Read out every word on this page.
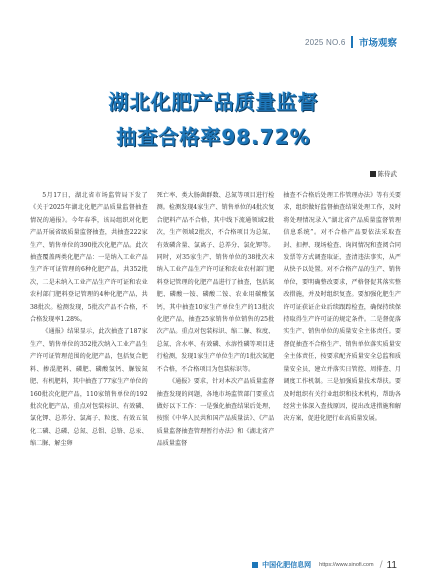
2025 NO.6 市场观察
湖北化肥产品质量监督
抽查合格率98.72%
陈侍武

5月17日，湖北省市场监管局下发了《关于2025年湖北化肥产品质量监督抽查情况的通报》。今年春季，该局组织对化肥产品开展省级质量监督抽查，共抽查222家生产、销售单位的390批次化肥产品。此次抽查覆盖两类化肥产品：一是纳入工业产品生产许可证管理的6种化肥产品，共352批次，二是未纳入工业产品生产许可证和农业农村部门肥料登记管理的4种化肥产品，共38批次。检测发现，5批次产品不合格，不合格发现率1.28%。

《通报》结果显示，此次抽查了187家生产、销售单位的352批次纳入工业产品生产许可证管理范围的化肥产品，包括复合肥料、掺混肥料、磷肥、磷酸氢钙、脲铵氮肥、有机肥料，其中抽查了77家生产单位的160批次化肥产品，110家销售单位的192批次化肥产品，重点对包装标识、有效磷、氯化钾、总养分、氯离子、粒度、有效五氧化二磷、总磷、总氮、总钼、总铬、总汞、缩二脲、解尘卵

死亡率、类大肠菌群数、总氮等项目进行检测。检测发现4家生产、销售单位的4批次复合肥料产品不合格，其中线下流通领域2批次，生产领域2批次，不合格项目为总氮、有效磷含量、氯离子、总养分、氯化钾等。同时，对35家生产、销售单位的38批次未纳入工业产品生产许可证和农业农村部门肥料登记管理的化肥产品进行了抽查，包括氮肥、磷酸一铵、磷酸二铵、农业用碳酸氢钙，其中抽查10家生产单位生产的13批次化肥产品，抽查25家销售单位销售的25批次产品。重点对包装标识、缩二脲、粒度、总氮、含水率、有效磷、水溶性磷等项目进行检测，发现1家生产单位生产的1批次氮肥不合格，不合格项目为包装标识等。

《通报》要求，针对本次产品质量监督抽查发现的问题，各地市场监管部门要重点做好以下工作：一是强化抽查结果后处理，按照《中华人民共和国产品质量法》、《产品质量监督抽查管理暂行办法》和《湖北省产品质量监督

抽查不合格后处理工作管理办法》等有关要求，组织做好监督抽查结果处理工作，及时将处理情况录入“湖北省产品质量监督管理信息系统”。对不合格产品要依法采取查封、扣押、现场检查、询问情况和查阅合同发票等方式调查取证，查清违法事实，从严从快予以处置。对不合格产品的生产、销售单位，要明确整改要求，严格督促其落实整改措施，并及时组织复查。要加强化肥生产许可证获证企业后续跟踪检查，确保持续保持取得生产许可证的规定条件。二是督促落实生产、销售单位的质量安全主体责任。要督促抽查不合格生产、销售单位落实质量安全主体责任，按要求配齐质量安全总监和质量安全员，建立并落实日管控、周排查、月调度工作机制。三是加强质量技术帮扶。要及时组织有关行业组织和技术机构，帮助各经营主体深入查找原因，提出改进措施和解决方案，促进化肥行业高质量发展。

中国化肥信息网 https://www.sinofi.com / 11
